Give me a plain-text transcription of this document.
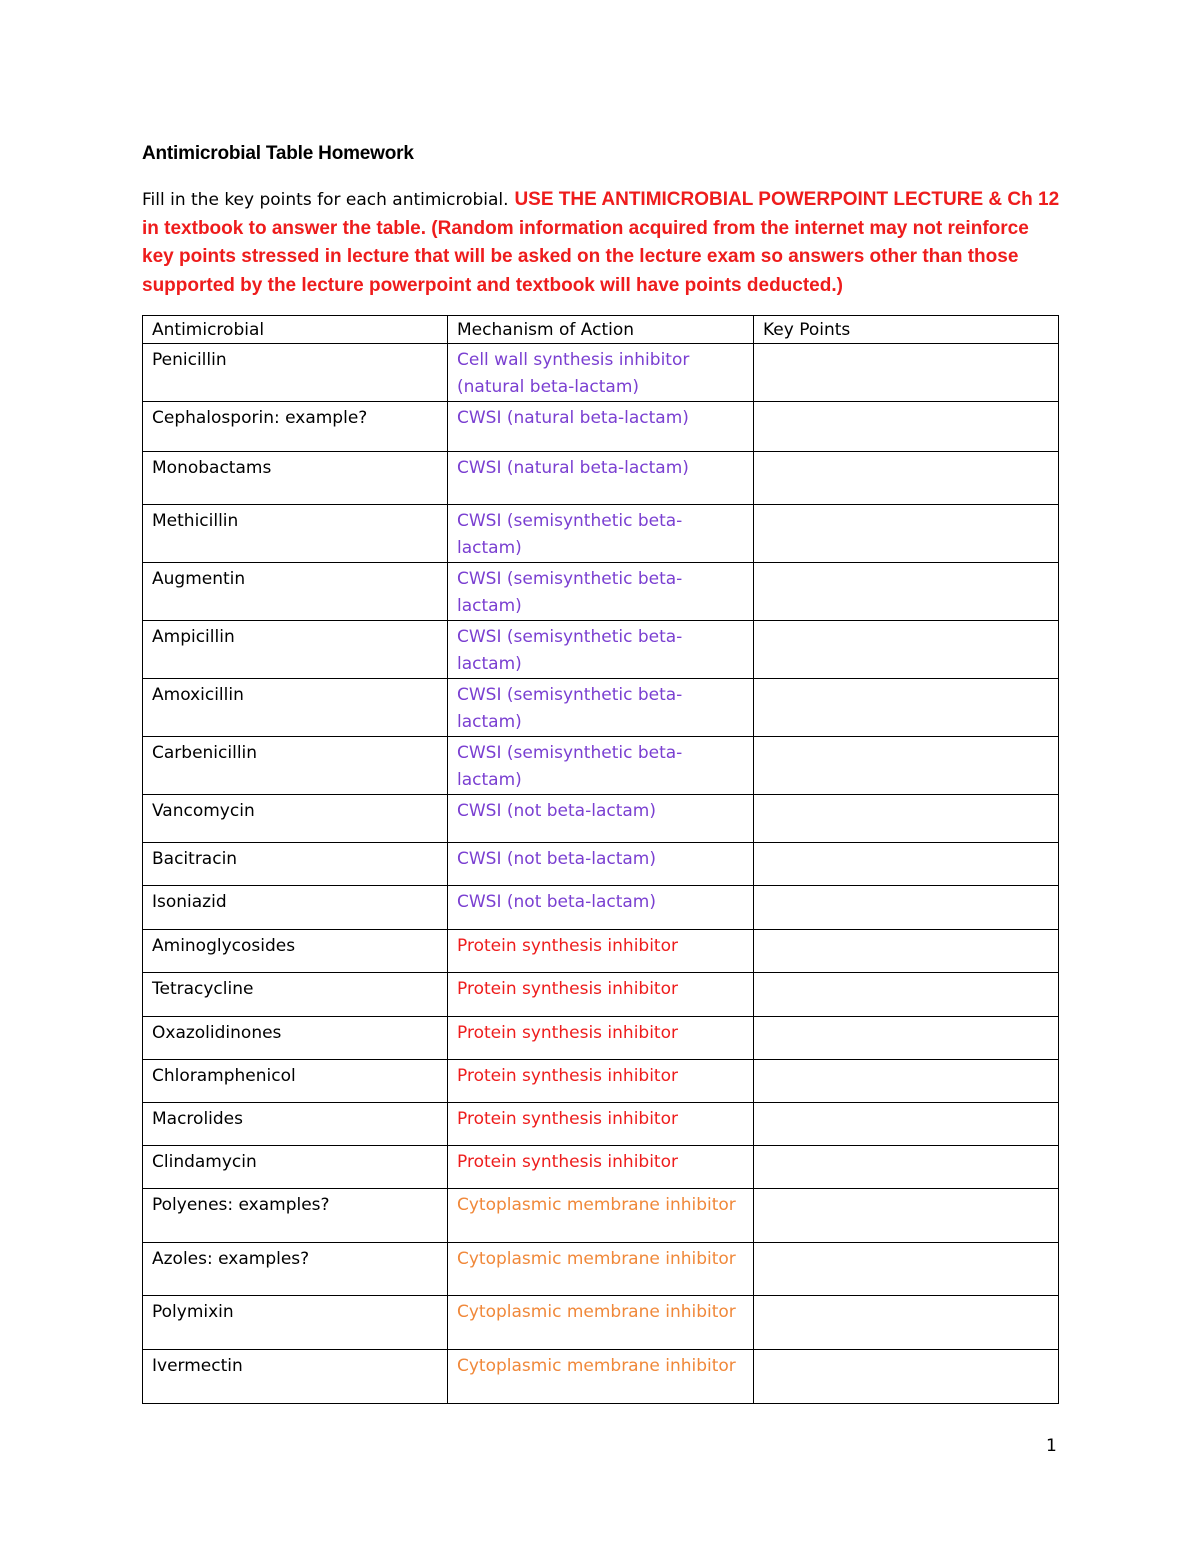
Antimicrobial Table Homework
Fill in the key points for each antimicrobial. USE THE ANTIMICROBIAL POWERPOINT LECTURE & Ch 12 in textbook to answer the table. (Random information acquired from the internet may not reinforce key points stressed in lecture that will be asked on the lecture exam so answers other than those supported by the lecture powerpoint and textbook will have points deducted.)
Antimicrobial	Mechanism of Action	Key Points
Penicillin	Cell wall synthesis inhibitor (natural beta-lactam)	
Cephalosporin: example?	CWSI (natural beta-lactam)	
Monobactams	CWSI (natural beta-lactam)	
Methicillin	CWSI (semisynthetic beta-lactam)	
Augmentin	CWSI (semisynthetic beta-lactam)	
Ampicillin	CWSI (semisynthetic beta-lactam)	
Amoxicillin	CWSI (semisynthetic beta-lactam)	
Carbenicillin	CWSI (semisynthetic beta-lactam)	
Vancomycin	CWSI (not beta-lactam)	
Bacitracin	CWSI (not beta-lactam)	
Isoniazid	CWSI (not beta-lactam)	
Aminoglycosides	Protein synthesis inhibitor	
Tetracycline	Protein synthesis inhibitor	
Oxazolidinones	Protein synthesis inhibitor	
Chloramphenicol	Protein synthesis inhibitor	
Macrolides	Protein synthesis inhibitor	
Clindamycin	Protein synthesis inhibitor	
Polyenes: examples?	Cytoplasmic membrane inhibitor	
Azoles: examples?	Cytoplasmic membrane inhibitor	
Polymixin	Cytoplasmic membrane inhibitor	
Ivermectin	Cytoplasmic membrane inhibitor	
1
